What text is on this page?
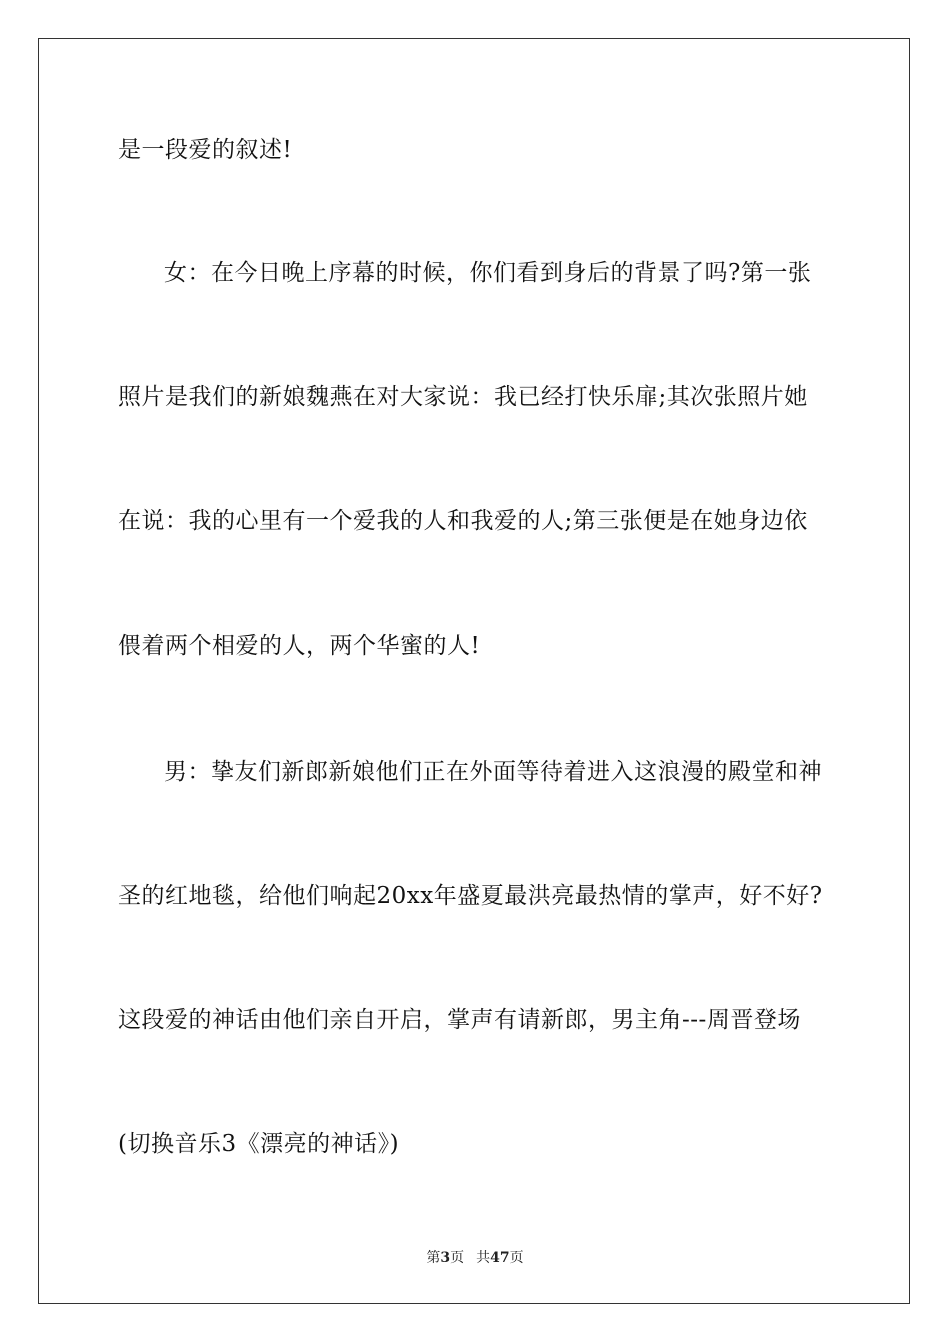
是一段爱的叙述!
女：在今日晚上序幕的时候，你们看到身后的背景了吗?第一张
照片是我们的新娘魏燕在对大家说：我已经打快乐扉;其次张照片她
在说：我的心里有一个爱我的人和我爱的人;第三张便是在她身边依
偎着两个相爱的人，两个华蜜的人!
男：挚友们新郎新娘他们正在外面等待着进入这浪漫的殿堂和神
圣的红地毯，给他们响起20xx年盛夏最洪亮最热情的掌声，好不好?
这段爱的神话由他们亲自开启，掌声有请新郎，男主角---周晋登场
(切换音乐3《漂亮的神话》)
第3页 共47页
